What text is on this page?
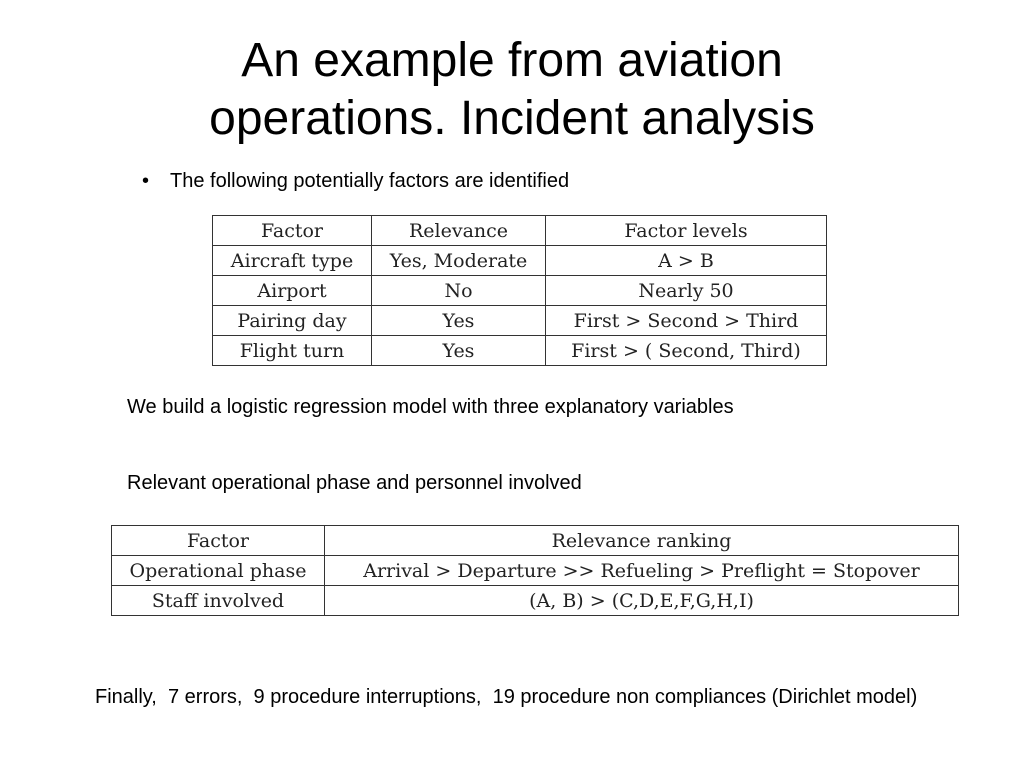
An example from aviation
operations. Incident analysis
• The following potentially factors are identified
Factor	Relevance	Factor levels
Aircraft type	Yes, Moderate	A > B
Airport	No	Nearly 50
Pairing day	Yes	First > Second > Third
Flight turn	Yes	First > ( Second, Third)
We build a logistic regression model with three explanatory variables
Relevant operational phase and personnel involved
Factor	Relevance ranking
Operational phase	Arrival > Departure >> Refueling > Preflight = Stopover
Staff involved	(A, B) > (C,D,E,F,G,H,I)
Finally,  7 errors,  9 procedure interruptions,  19 procedure non compliances (Dirichlet model)
